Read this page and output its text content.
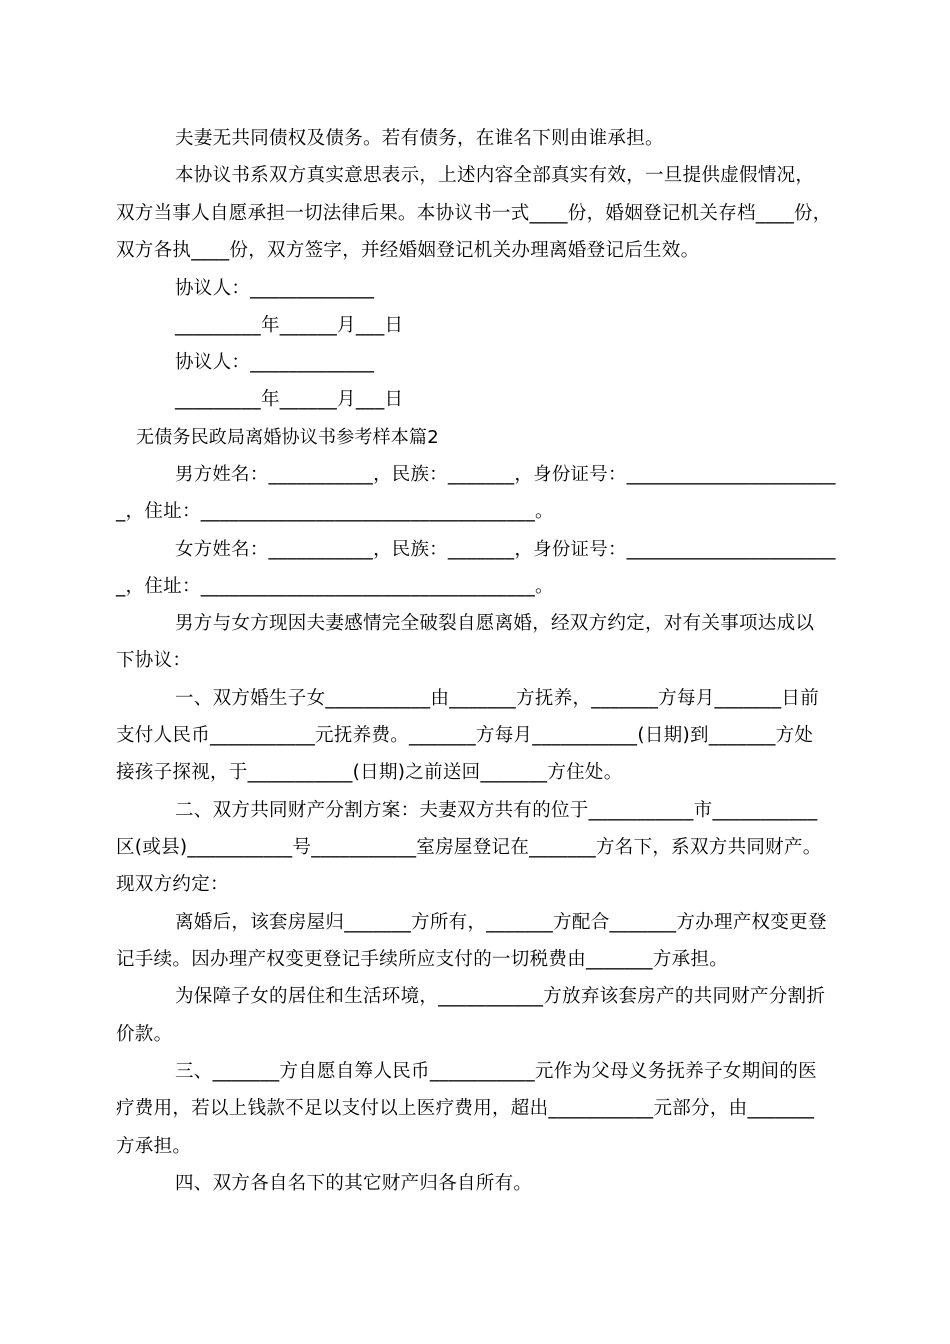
夫妻无共同债权及债务。若有债务，在谁名下则由谁承担。
本协议书系双方真实意思表示，上述内容全部真实有效，一旦提供虚假情况，
双方当事人自愿承担一切法律后果。本协议书一式____份，婚姻登记机关存档____份，
双方各执____份，双方签字，并经婚姻登记机关办理离婚登记后生效。
协议人：_____________
_________年______月___日
协议人：_____________
_________年______月___日
无债务民政局离婚协议书参考样本篇2
男方姓名：___________，民族：_______，身份证号：______________________
_，住址：___________________________________。
女方姓名：___________，民族：_______，身份证号：______________________
_，住址：___________________________________。
男方与女方现因夫妻感情完全破裂自愿离婚，经双方约定，对有关事项达成以
下协议：
一、双方婚生子女___________由_______方抚养，_______方每月_______日前
支付人民币___________元抚养费。_______方每月___________(日期)到_______方处
接孩子探视，于___________(日期)之前送回_______方住处。
二、双方共同财产分割方案：夫妻双方共有的位于___________市___________
区(或县)___________号___________室房屋登记在_______方名下，系双方共同财产。
现双方约定：
离婚后，该套房屋归_______方所有，_______方配合_______方办理产权变更登
记手续。因办理产权变更登记手续所应支付的一切税费由_______方承担。
为保障子女的居住和生活环境，___________方放弃该套房产的共同财产分割折
价款。
三、_______方自愿自筹人民币___________元作为父母义务抚养子女期间的医
疗费用，若以上钱款不足以支付以上医疗费用，超出___________元部分，由_______
方承担。
四、双方各自名下的其它财产归各自所有。
